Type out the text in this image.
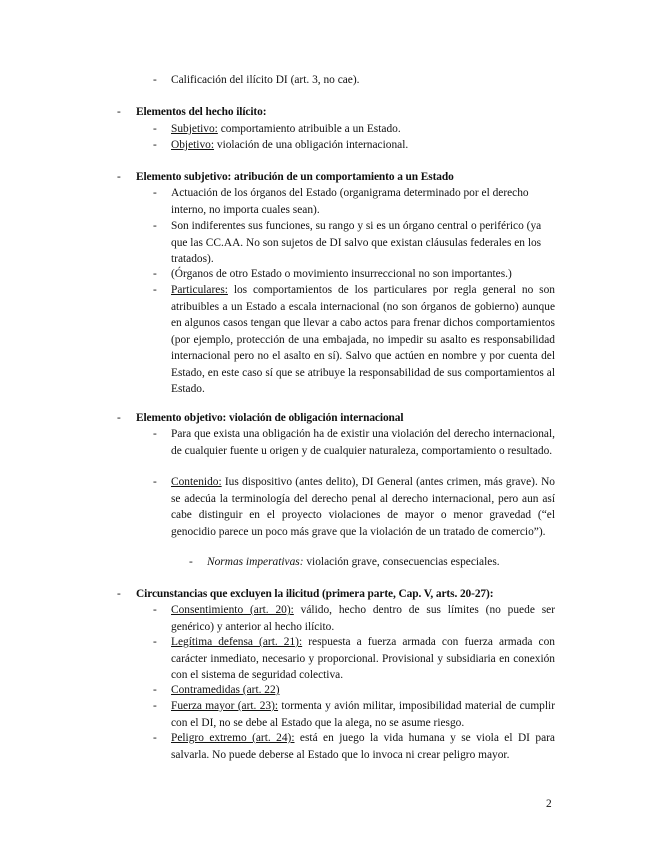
-	Calificación del ilícito DI (art. 3, no cae).
-	Elementos del hecho ilícito:
-	Subjetivo: comportamiento atribuible a un Estado.
-	Objetivo: violación de una obligación internacional.
-	Elemento subjetivo: atribución de un comportamiento a un Estado
-	Actuación de los órganos del Estado (organigrama determinado por el derecho interno, no importa cuales sean).
-	Son indiferentes sus funciones, su rango y si es un órgano central o periférico (ya que las CC.AA. No son sujetos de DI salvo que existan cláusulas federales en los tratados).
-	(Órganos de otro Estado o movimiento insurreccional no son importantes.)
-	Particulares: los comportamientos de los particulares por regla general no son atribuibles a un Estado a escala internacional (no son órganos de gobierno) aunque en algunos casos tengan que llevar a cabo actos para frenar dichos comportamientos (por ejemplo, protección de una embajada, no impedir su asalto es responsabilidad internacional pero no el asalto en sí). Salvo que actúen en nombre y por cuenta del Estado, en este caso sí que se atribuye la responsabilidad de sus comportamientos al Estado.
-	Elemento objetivo: violación de obligación internacional
-	Para que exista una obligación ha de existir una violación del derecho internacional, de cualquier fuente u origen y de cualquier naturaleza, comportamiento o resultado.
-	Contenido: Ius dispositivo (antes delito), DI General (antes crimen, más grave). No se adecúa la terminología del derecho penal al derecho internacional, pero aun así cabe distinguir en el proyecto violaciones de mayor o menor gravedad (“el genocidio parece un poco más grave que la violación de un tratado de comercio”).
-	Normas imperativas: violación grave, consecuencias especiales.
-	Circunstancias que excluyen la ilicitud (primera parte, Cap. V, arts. 20-27):
-	Consentimiento (art. 20): válido, hecho dentro de sus límites (no puede ser genérico) y anterior al hecho ilícito.
-	Legítima defensa (art. 21): respuesta a fuerza armada con fuerza armada con carácter inmediato, necesario y proporcional. Provisional y subsidiaria en conexión con el sistema de seguridad colectiva.
-	Contramedidas (art. 22)
-	Fuerza mayor (art. 23): tormenta y avión militar, imposibilidad material de cumplir con el DI, no se debe al Estado que la alega, no se asume riesgo.
-	Peligro extremo (art. 24): está en juego la vida humana y se viola el DI para salvarla. No puede deberse al Estado que lo invoca ni crear peligro mayor.
2
